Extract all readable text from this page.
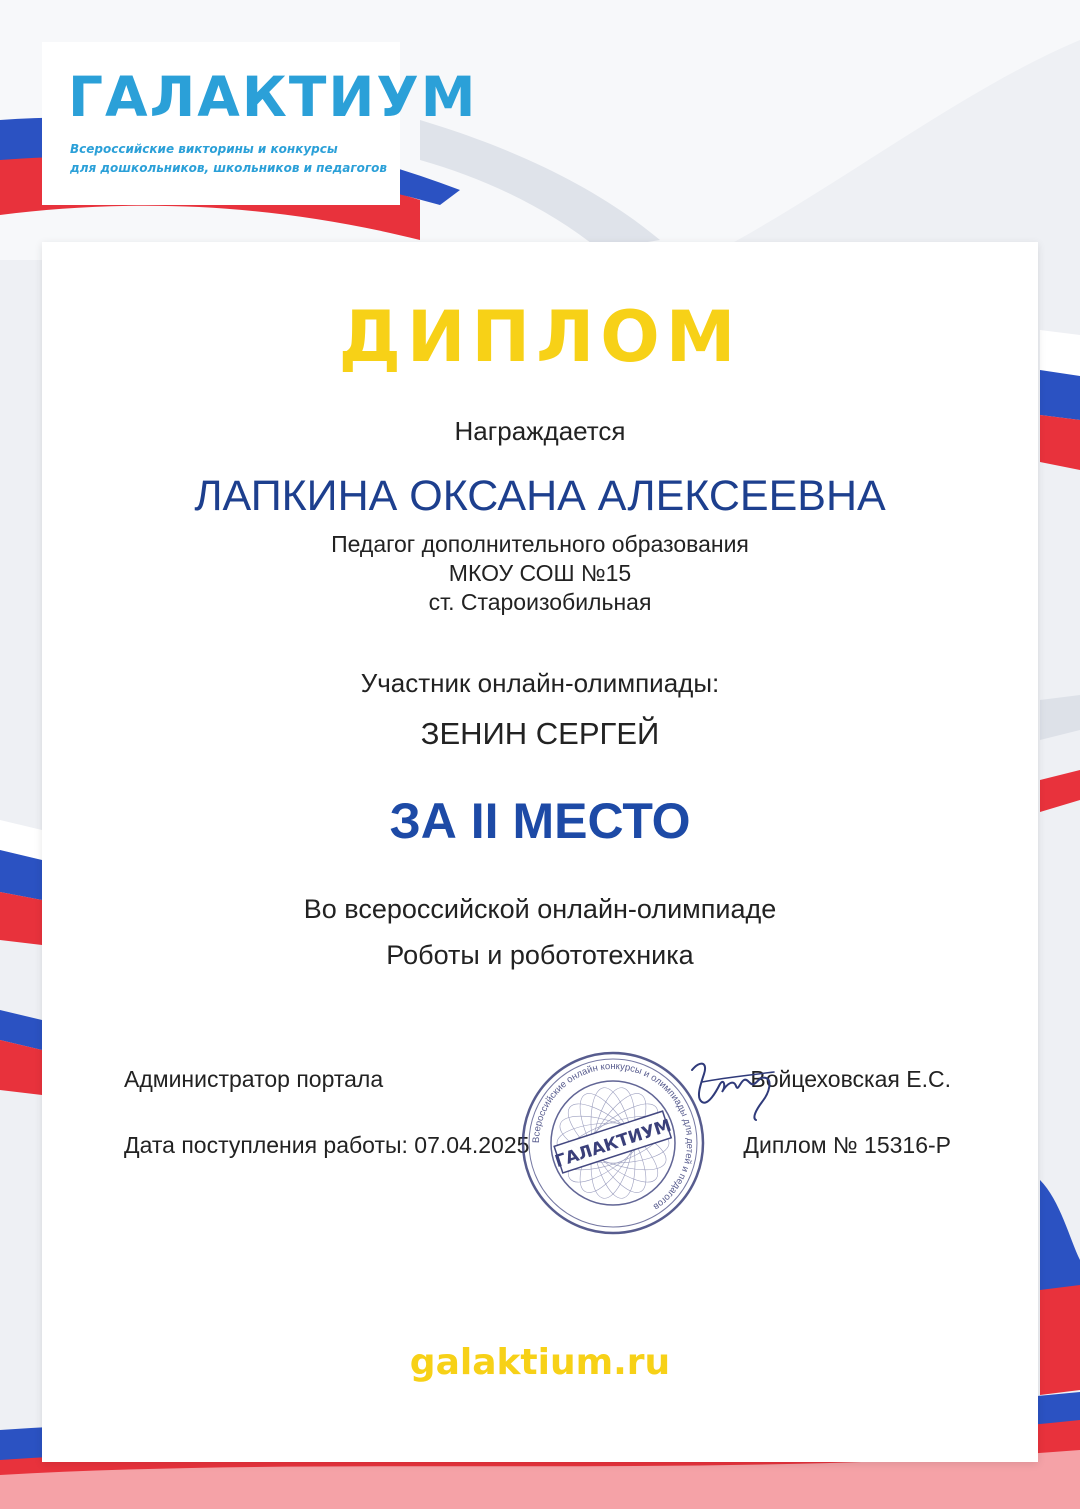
ГАЛАКТИУМ
Всероссийские викторины и конкурсы
для дошкольников, школьников и педагогов
ДИПЛОМ
Награждается
ЛАПКИНА ОКСАНА АЛЕКСЕЕВНА
Педагог дополнительного образования
МКОУ СОШ №15
ст. Староизобильная
Участник онлайн-олимпиады:
ЗЕНИН СЕРГЕЙ
ЗА II МЕСТО
Во всероссийской онлайн-олимпиаде
Роботы и робототехника
Администратор портала
Дата поступления работы: 07.04.2025
Войцеховская Е.С.
Диплом № 15316-Р
Всероссийские онлайн конкурсы и олимпиады для детей и педагогов
ГАЛАКТИУМ
galaktium.ru
